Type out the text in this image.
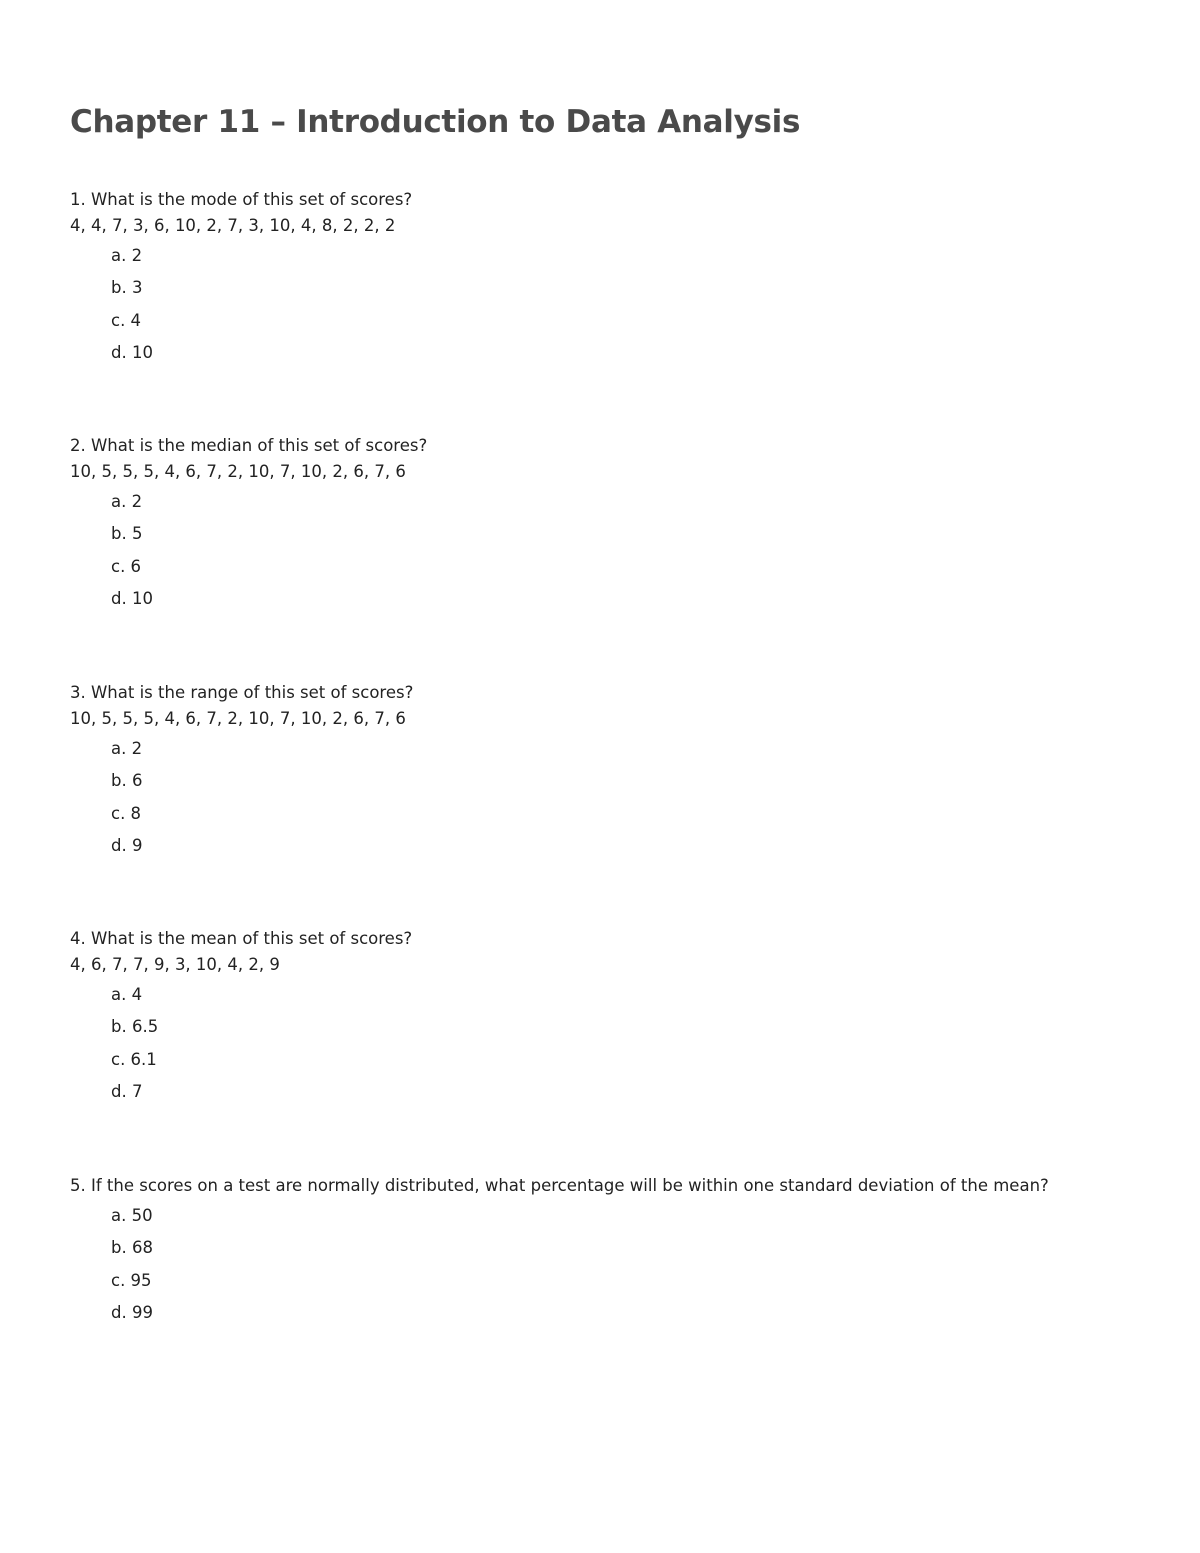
Chapter 11 – Introduction to Data Analysis
1. What is the mode of this set of scores?
4, 4, 7, 3, 6, 10, 2, 7, 3, 10, 4, 8, 2, 2, 2
a. 2
b. 3
c. 4
d. 10
2. What is the median of this set of scores?
10, 5, 5, 5, 4, 6, 7, 2, 10, 7, 10, 2, 6, 7, 6
a. 2
b. 5
c. 6
d. 10
3. What is the range of this set of scores?
10, 5, 5, 5, 4, 6, 7, 2, 10, 7, 10, 2, 6, 7, 6
a. 2
b. 6
c. 8
d. 9
4. What is the mean of this set of scores?
4, 6, 7, 7, 9, 3, 10, 4, 2, 9
a. 4
b. 6.5
c. 6.1
d. 7
5. If the scores on a test are normally distributed, what percentage will be within one standard deviation of the mean?
a. 50
b. 68
c. 95
d. 99
